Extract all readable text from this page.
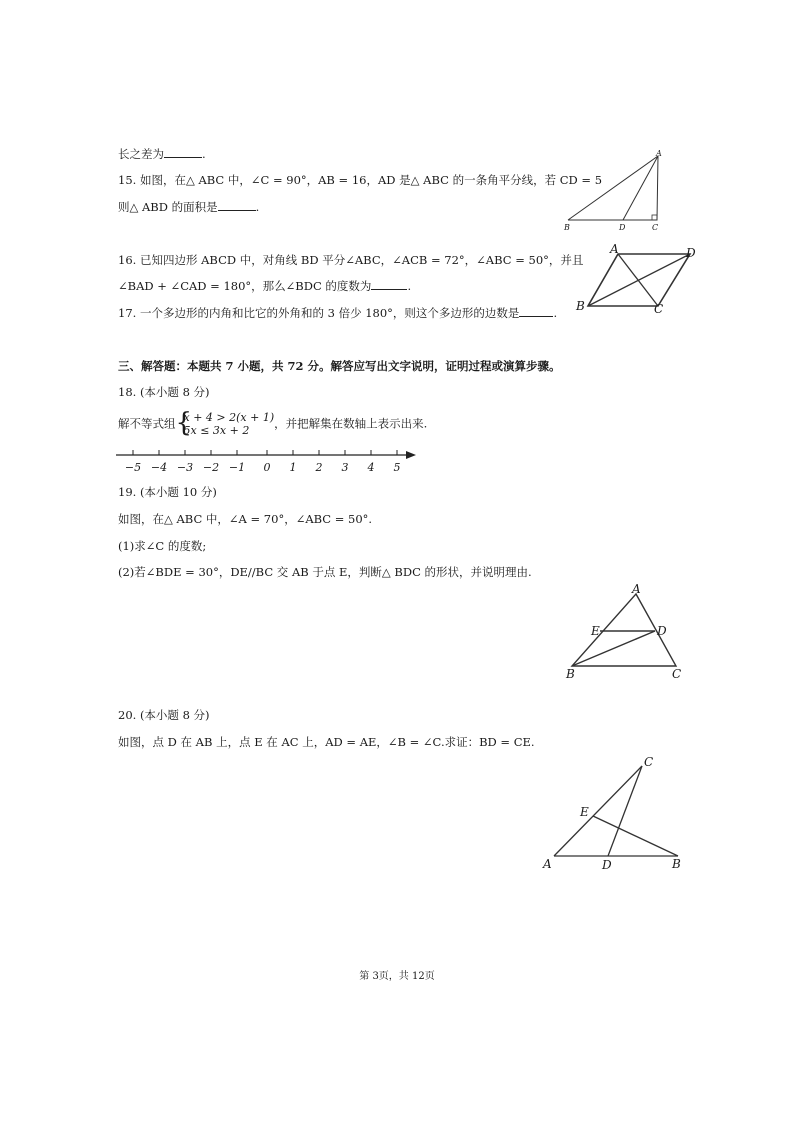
长之差为	.
15. 如图，在△ ABC 中，∠C = 90°，AB = 16，AD 是△ ABC 的一条角平分线，若 CD = 5
则△ ABD 的面积是	.
A
B	C
D
16. 已知四边形 ABCD 中，对角线 BD 平分∠ABC，∠ACB = 72°，∠ABC = 50°，并且
∠BAD + ∠CAD = 180°，那么∠BDC 的度数为	.
A	D
B	C
17. 一个多边形的内角和比它的外角和的 3 倍少 180°，则这个多边形的边数是	.
三、解答题：本题共 7 小题，共 72 分。解答应写出文字说明，证明过程或演算步骤。
18. (本小题 8 分)
解不等式组 {
x + 4 > 2(x + 1)
5x ≤ 3x + 2	，并把解集在数轴上表示出来.
−5 −4 −3 −2 −1 0 1 2 3 4 5
19. (本小题 10 分)
如图，在△ ABC 中，∠A = 70°，∠ABC = 50°.
(1)求∠C 的度数;
(2)若∠BDE = 30°，DE//BC 交 AB 于点 E，判断△ BDC 的形状，并说明理由.
A
E	D
B	C
20. (本小题 8 分)
如图，点 D 在 AB 上，点 E 在 AC 上，AD = AE，∠B = ∠C.求证：BD = CE.
C
E
A	D	B
第 3页，共 12页
